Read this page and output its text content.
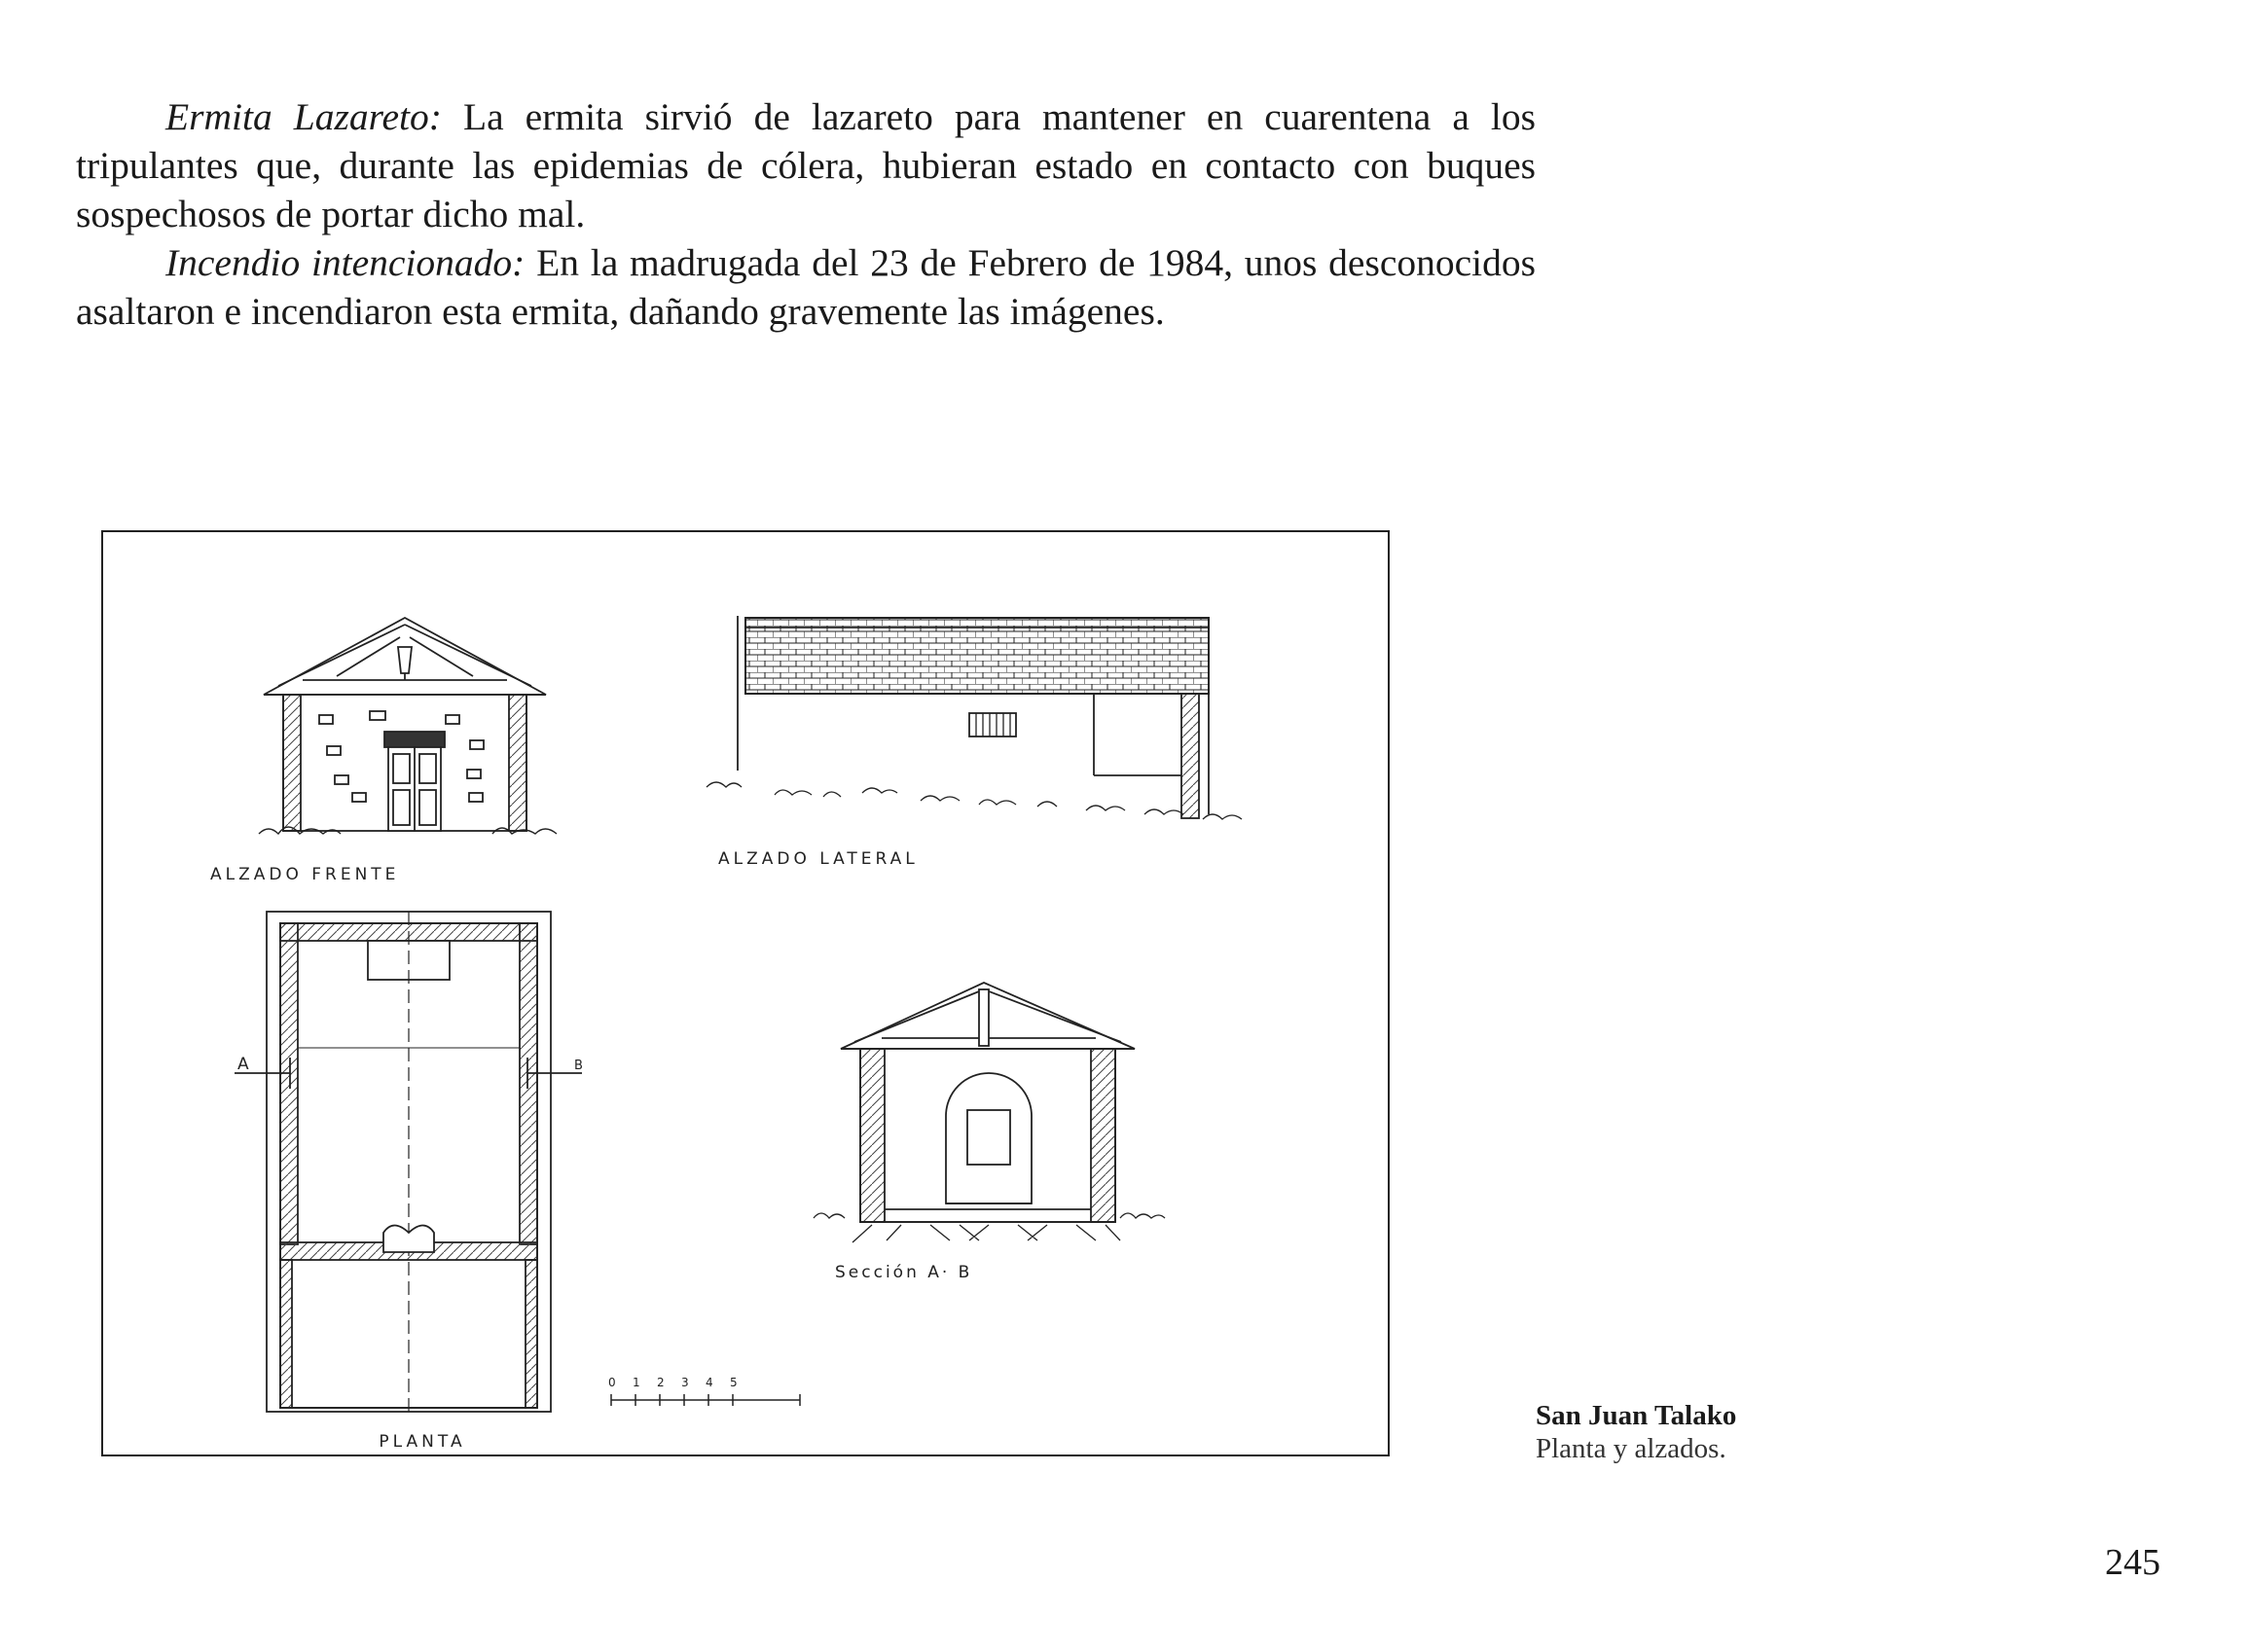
Ermita Lazareto: La ermita sirvió de lazareto para mantener en cuarentena a los tripulantes que, durante las epidemias de cólera, hubieran estado en contacto con buques sospechosos de portar dicho mal.

Incendio intencionado: En la madrugada del 23 de Febrero de 1984, unos desconocidos asaltaron e incendiaron esta ermita, dañando gravemente las imágenes.

ALZADO FRENTE
ALZADO LATERAL
A	B
PLANTA
Sección A· B
0 1 2 3 4 5
San Juan Talako
Planta y alzados.
245
